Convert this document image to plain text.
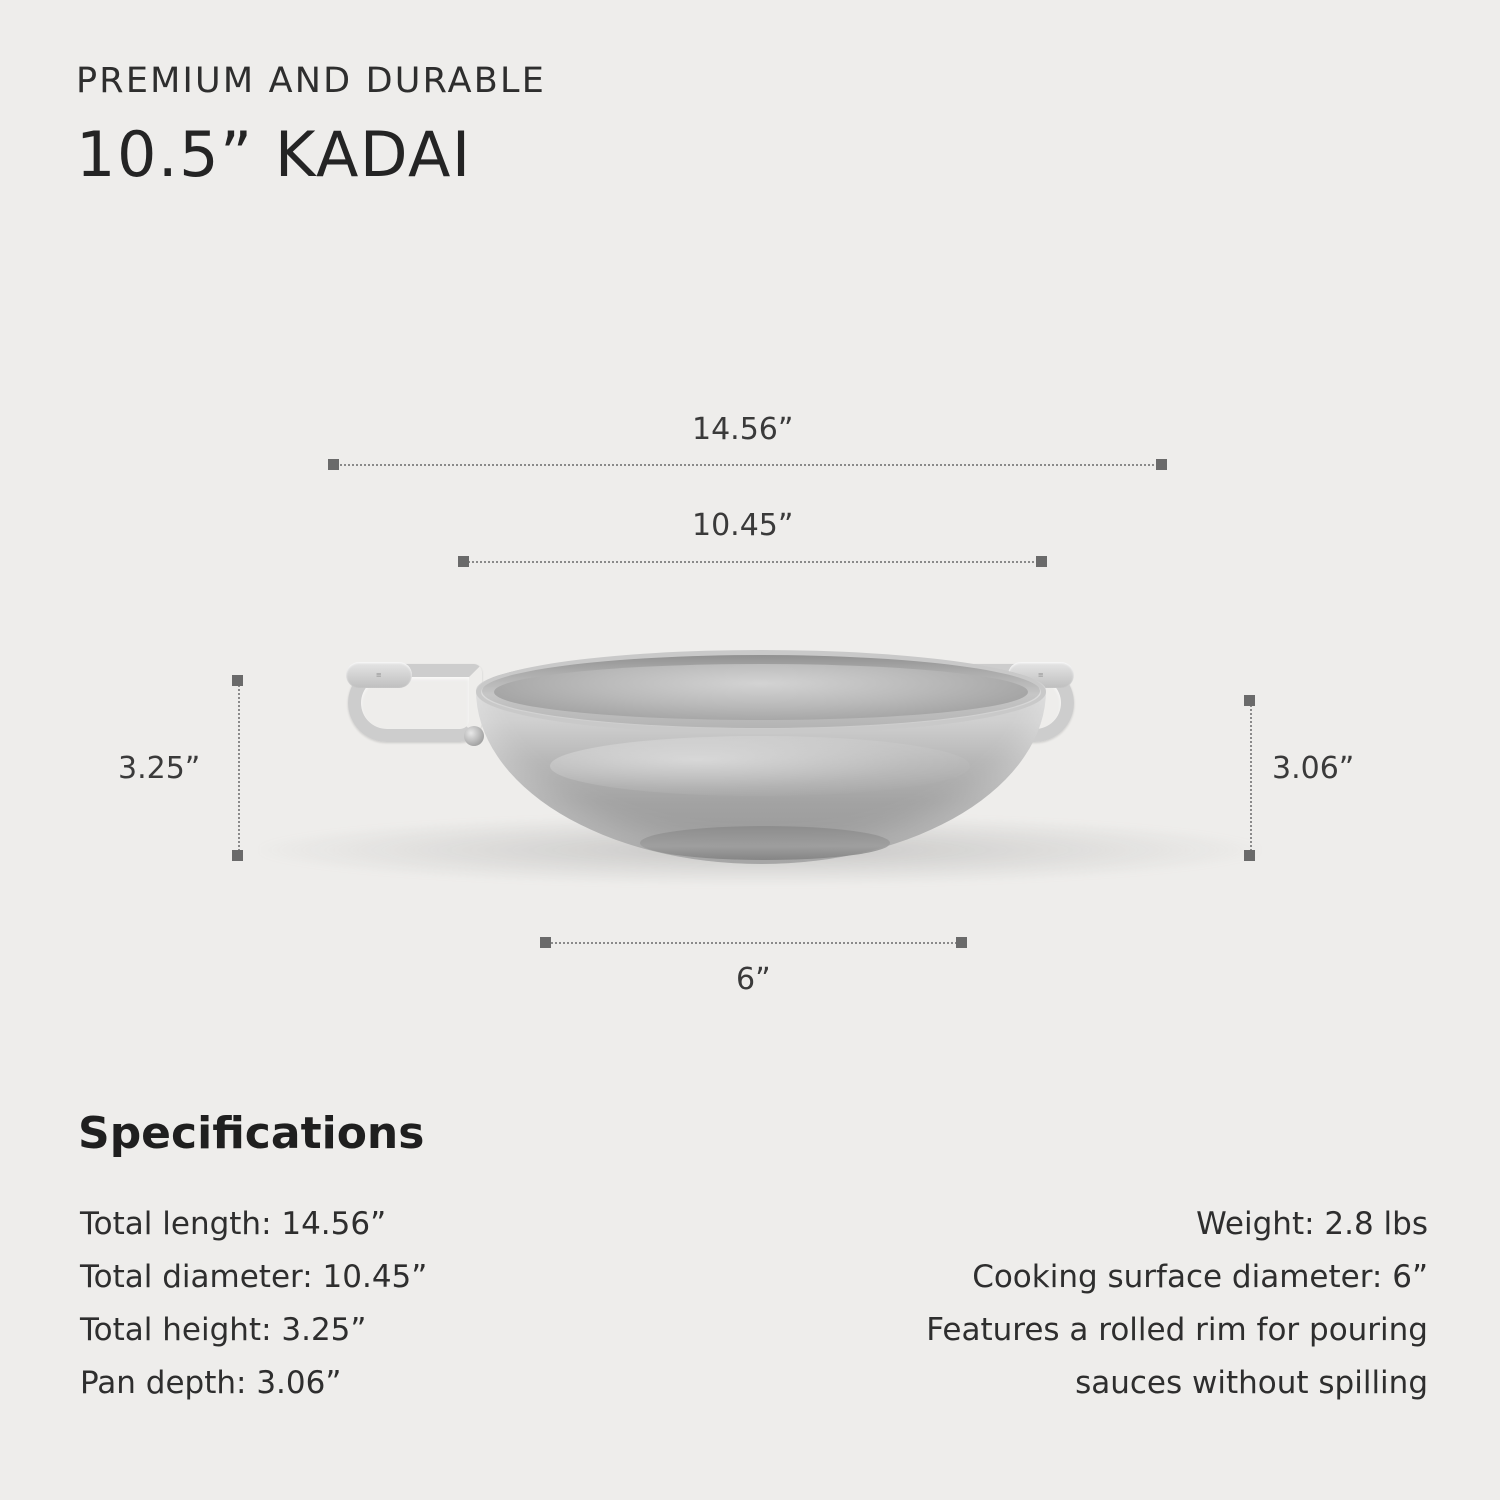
PREMIUM AND DURABLE
10.5” KADAI
≡	≡
14.56”
10.45”
3.25”	3.06”
6”
Specifications
Total length: 14.56”
Total diameter: 10.45”
Total height: 3.25”
Pan depth: 3.06”
Weight: 2.8 lbs
Cooking surface diameter: 6”
Features a rolled rim for pouring
sauces without spilling
